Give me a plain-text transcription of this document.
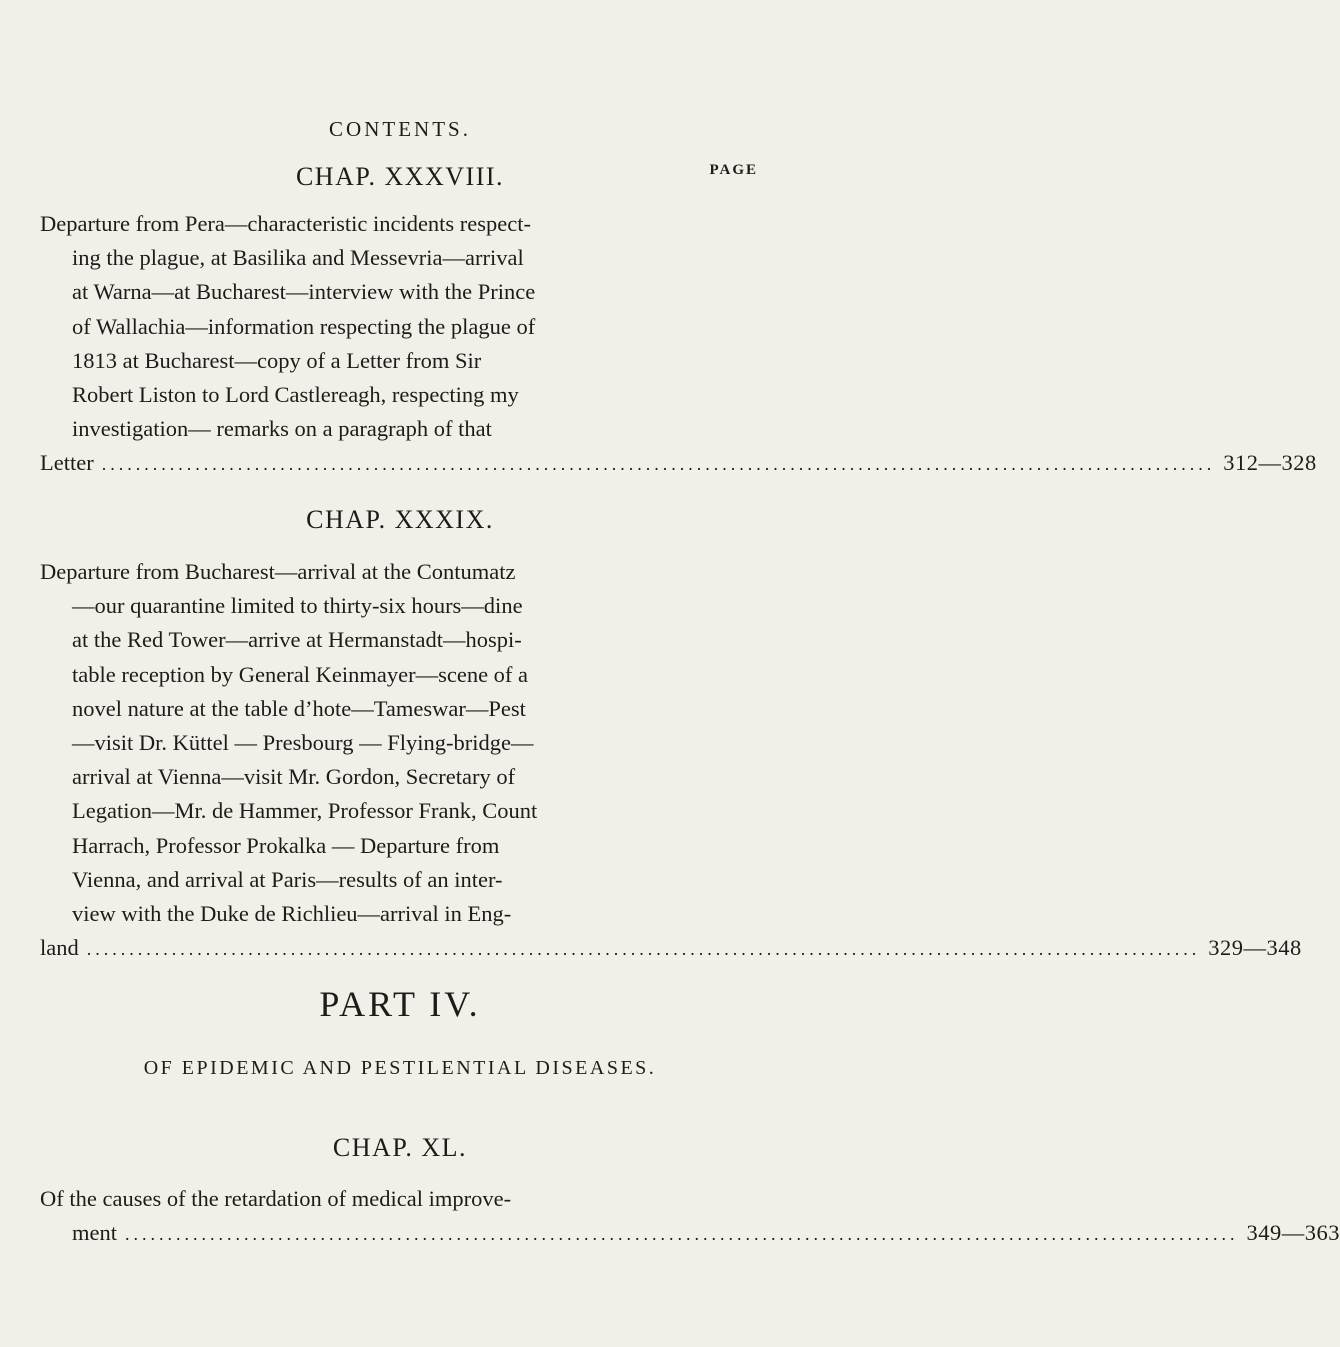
CONTENTS.
CHAP. XXXVIII.	PAGE
Departure from Pera—characteristic incidents respect-
ing the plague, at Basilika and Messevria—arrival
at Warna—at Bucharest—interview with the Prince
of Wallachia—information respecting the plague of
1813 at Bucharest—copy of a Letter from Sir
Robert Liston to Lord Castlereagh, respecting my
investigation— remarks on a paragraph of that
Letter ................................................................................................................................... 312—328
CHAP. XXXIX.
Departure from Bucharest—arrival at the Contumatz
—our quarantine limited to thirty-six hours—dine
at the Red Tower—arrive at Hermanstadt—hospi-
table reception by General Keinmayer—scene of a
novel nature at the table d’hote—Tameswar—Pest
—visit Dr. Küttel — Presbourg — Flying-bridge—
arrival at Vienna—visit Mr. Gordon, Secretary of
Legation—Mr. de Hammer, Professor Frank, Count
Harrach, Professor Prokalka — Departure from
Vienna, and arrival at Paris—results of an inter-
view with the Duke de Richlieu—arrival in Eng-
land ................................................................................................................................... 329—348
PART IV.
OF EPIDEMIC AND PESTILENTIAL DISEASES.
CHAP. XL.
Of the causes of the retardation of medical improve-
ment ................................................................................................................................... 349—363
